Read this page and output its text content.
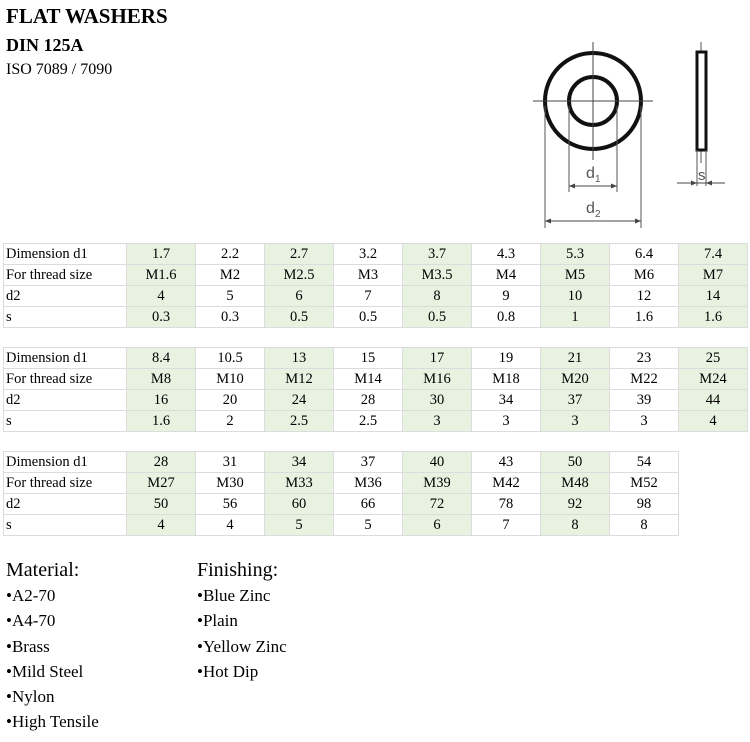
FLAT WASHERS
DIN 125A
ISO 7089 / 7090
d 1
d 2
s
Dimension d1	1.7	2.2	2.7	3.2	3.7	4.3	5.3	6.4	7.4
For thread size	M1.6	M2	M2.5	M3	M3.5	M4	M5	M6	M7
d2	4	5	6	7	8	9	10	12	14
s	0.3	0.3	0.5	0.5	0.5	0.8	1	1.6	1.6
Dimension d1	8.4	10.5	13	15	17	19	21	23	25
For thread size	M8	M10	M12	M14	M16	M18	M20	M22	M24
d2	16	20	24	28	30	34	37	39	44
s	1.6	2	2.5	2.5	3	3	3	3	4
Dimension d1	28	31	34	37	40	43	50	54
For thread size	M27	M30	M33	M36	M39	M42	M48	M52
d2	50	56	60	66	72	78	92	98
s	4	4	5	5	6	7	8	8
Material:
• A2-70
• A4-70
• Brass
• Mild Steel
• Nylon
• High Tensile
Finishing:
• Blue Zinc
• Plain
• Yellow Zinc
• Hot Dip
